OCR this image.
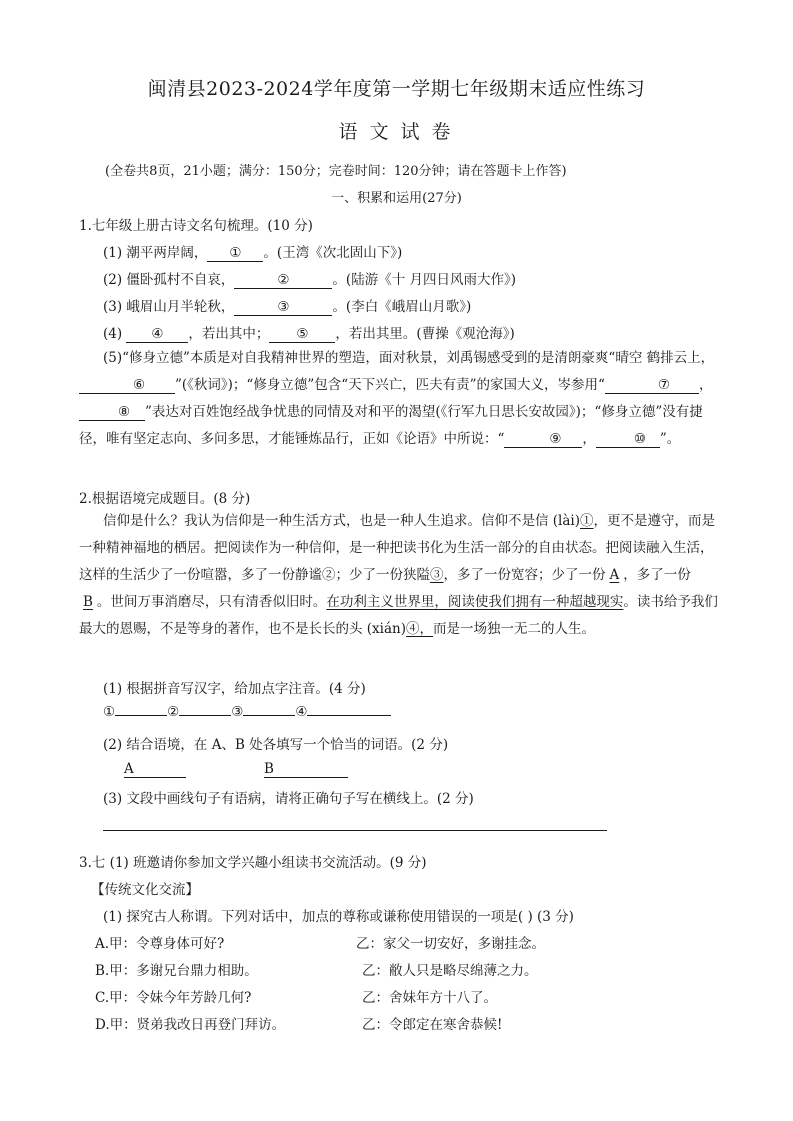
闽清县2023-2024学年度第一学期七年级期末适应性练习
语文试卷
(全卷共8页，21小题；满分：150分；完卷时间：120分钟；请在答题卡上作答)
一、积累和运用(27分)
1.七年级上册古诗文名句梳理。(10 分)
(1) 潮平两岸阔， ① 。(王湾《次北固山下》)
(2) 僵卧孤村不自哀，	②	。(陆游《十 月四日风雨大作》)
(3) 峨眉山月半轮秋，	③	。(李白《峨眉山月歌》)
(4) ④ ，若出其中； ⑤ ，若出其里。(曹操《观沧海》)
(5)“修身立德”本质是对自我精神世界的塑造，面对秋景，刘禹锡感受到的是清朗豪爽“晴空 鹤排云上，⑥ ”(《秋词》)；“修身立德”包含“天下兴亡，匹夫有责”的家国大义，岑参用“	⑦ ，⑧ ”表达对百姓饱经战争忧患的同情及对和平的渴望(《行军九日思长安故园》)；“修身立德”没有捷径，唯有坚定志向、多问多思，才能锤炼品行，正如《论语》中所说：“	⑨ ，	⑩ ”。
2.根据语境完成题目。(8 分)
信仰是什么？我认为信仰是一种生活方式，也是一种人生追求。信仰不是信 (lài)①，更不是遵守，而是一种精神福地的栖居。把阅读作为一种信仰，是一种把读书化为生活一部分的自由状态。把阅读融入生活，这样的生活少了一份喧嚣，多了一份静谧②；少了一份狭隘③，多了一份宽容；少了一份 A ，多了一份B 。世间万事消磨尽，只有清香似旧时。在功利主义世界里，阅读使我们拥有一种超越现实。读书给予我们最大的恩赐，不是等身的著作，也不是长长的头 (xián)④，而是一场独一无二的人生。
(1) 根据拼音写汉字，给加点字注音。(4 分)
①	②	③	④
(2) 结合语境，在 A、B 处各填写一个恰当的词语。(2 分)
A	B
(3) 文段中画线句子有语病，请将正确句子写在横线上。(2 分)
3.七 (1) 班邀请你参加文学兴趣小组读书交流活动。(9 分)
【传统文化交流】
(1) 探究古人称谓。下列对话中，加点的尊称或谦称使用错误的一项是( ) (3 分)
A.甲：令尊身体可好?	乙：家父一切安好，多谢挂念。
B.甲：多谢兄台鼎力相助。	乙：敝人只是略尽绵薄之力。
C.甲：令妹今年芳龄几何?	乙：舍妹年方十八了。
D.甲：贤弟我改日再登门拜访。	乙：令郎定在寒舍恭候!
